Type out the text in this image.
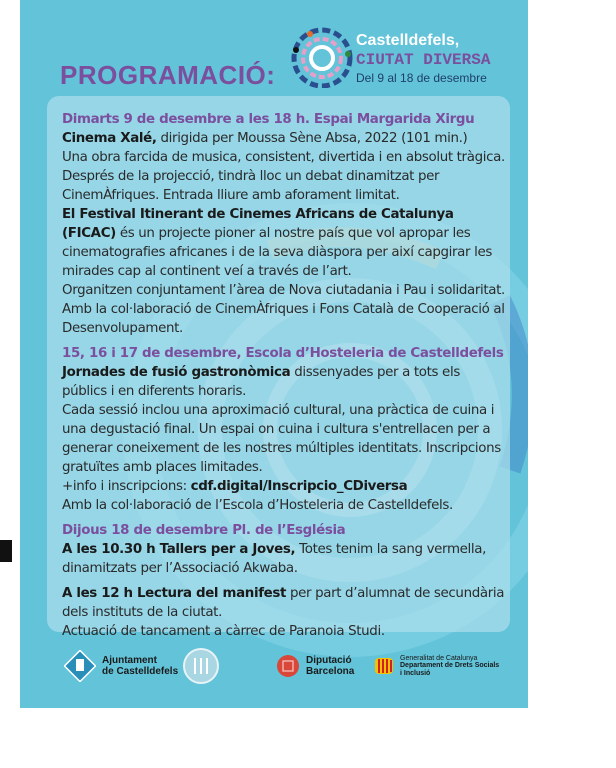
PROGRAMACIÓ:
Castelldefels,
CIUTAT DIVERSA
Del 9 al 18 de desembre

Dimarts 9 de desembre a les 18 h. Espai Margarida Xirgu

Cinema Xalé, dirigida per Moussa Sène Absa, 2022 (101 min.)

Una obra farcida de musica, consistent, divertida i en absolut tràgica. Després de la projecció, tindrà lloc un debat dinamitzat per CinemÀfriques. Entrada lliure amb aforament limitat.

El Festival Itinerant de Cinemes Africans de Catalunya (FICAC) és un projecte pioner al nostre país que vol apropar les cinematografies africanes i de la seva diàspora per així capgirar les mirades cap al continent veí a través de l’art.

Organitzen conjuntament l’àrea de Nova ciutadania i Pau i solidaritat. Amb la col·laboració de CinemÀfriques i Fons Català de Cooperació al Desenvolupament.

15, 16 i 17 de desembre, Escola d’Hosteleria de Castelldefels

Jornades de fusió gastronòmica dissenyades per a tots els públics i en diferents horaris.

Cada sessió inclou una aproximació cultural, una pràctica de cuina i una degustació final. Un espai on cuina i cultura s'entrellacen per a generar coneixement de les nostres múltiples identitats. Inscripcions gratuïtes amb places limitades.

+info i inscripcions: cdf.digital/Inscripcio_CDiversa

Amb la col·laboració de l’Escola d’Hosteleria de Castelldefels.

Dijous 18 de desembre Pl. de l’Església

A les 10.30 h Tallers per a Joves, Totes tenim la sang vermella, dinamitzats per l’Associació Akwaba.

A les 12 h Lectura del manifest per part d’alumnat de secundària dels instituts de la ciutat.

Actuació de tancament a càrrec de Paranoia Studi.

Ajuntament
de Castelldefels
Diputació
Barcelona
Generalitat de Catalunya
Departament de Drets Socials
i Inclusió
